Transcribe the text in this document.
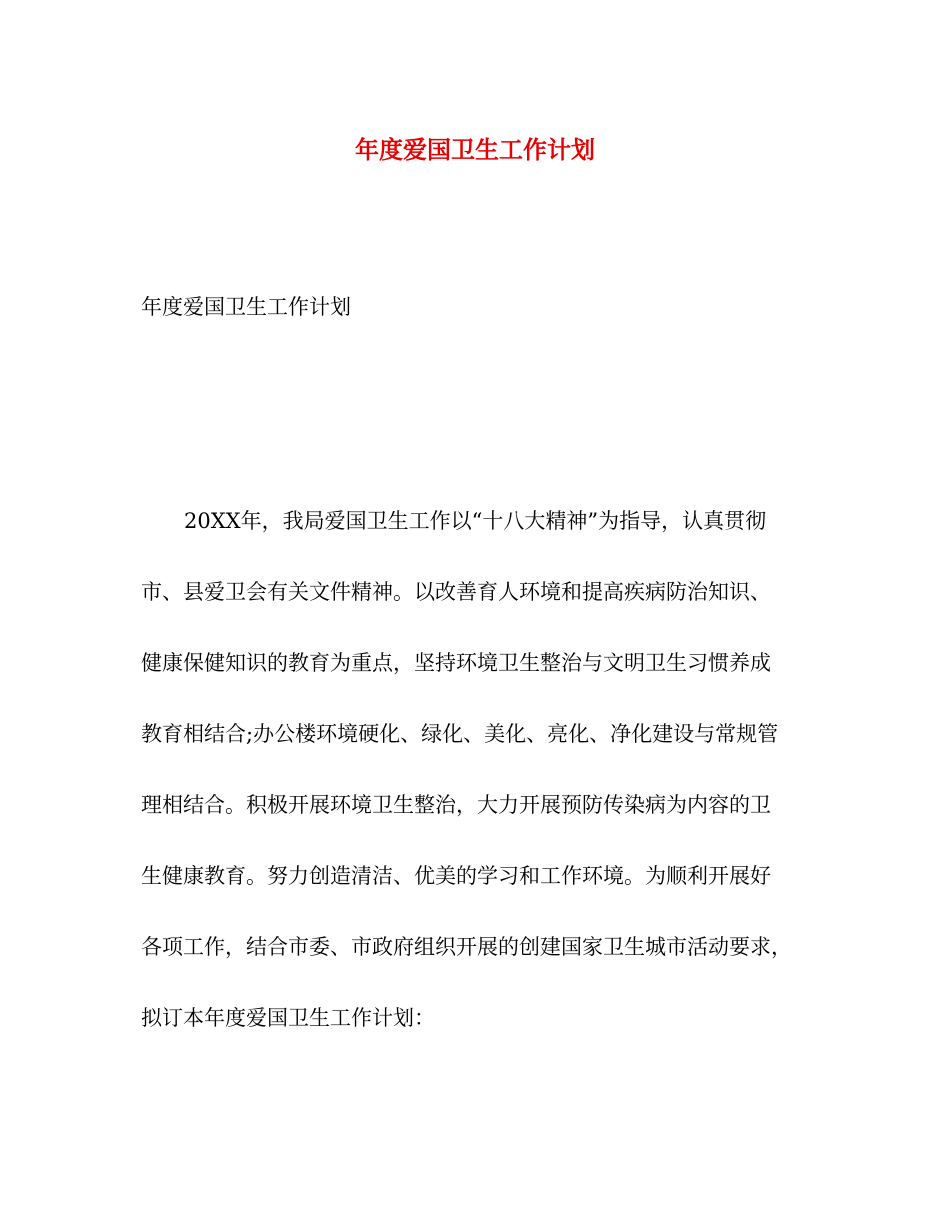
年度爱国卫生工作计划

年度爱国卫生工作计划

20XX年，我局爱国卫生工作以“十八大精神”为指导，认真贯彻
市、县爱卫会有关文件精神。以改善育人环境和提高疾病防治知识、
健康保健知识的教育为重点，坚持环境卫生整治与文明卫生习惯养成
教育相结合;办公楼环境硬化、绿化、美化、亮化、净化建设与常规管
理相结合。积极开展环境卫生整治，大力开展预防传染病为内容的卫
生健康教育。努力创造清洁、优美的学习和工作环境。为顺利开展好
各项工作，结合市委、市政府组织开展的创建国家卫生城市活动要求，
拟订本年度爱国卫生工作计划：
